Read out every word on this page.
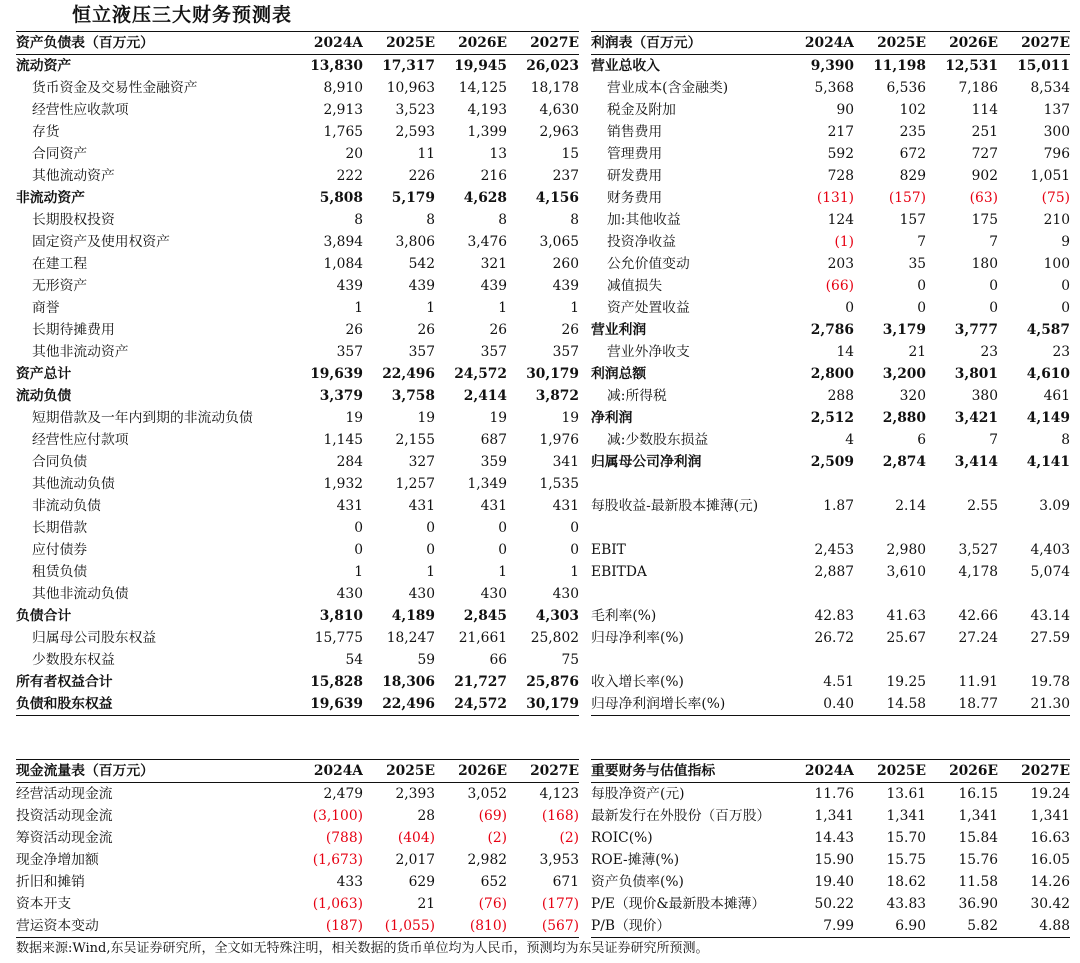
恒立液压三大财务预测表
资产负债表（百万元）	2024A	2025E	2026E	2027E
流动资产	13,830	17,317	19,945	26,023
货币资金及交易性金融资产	8,910	10,963	14,125	18,178
经营性应收款项	2,913	3,523	4,193	4,630
存货	1,765	2,593	1,399	2,963
合同资产	20	11	13	15
其他流动资产	222	226	216	237
非流动资产	5,808	5,179	4,628	4,156
长期股权投资	8	8	8	8
固定资产及使用权资产	3,894	3,806	3,476	3,065
在建工程	1,084	542	321	260
无形资产	439	439	439	439
商誉	1	1	1	1
长期待摊费用	26	26	26	26
其他非流动资产	357	357	357	357
资产总计	19,639	22,496	24,572	30,179
流动负债	3,379	3,758	2,414	3,872
短期借款及一年内到期的非流动负债	19	19	19	19
经营性应付款项	1,145	2,155	687	1,976
合同负债	284	327	359	341
其他流动负债	1,932	1,257	1,349	1,535
非流动负债	431	431	431	431
长期借款	0	0	0	0
应付债券	0	0	0	0
租赁负债	1	1	1	1
其他非流动负债	430	430	430	430
负债合计	3,810	4,189	2,845	4,303
归属母公司股东权益	15,775	18,247	21,661	25,802
少数股东权益	54	59	66	75
所有者权益合计	15,828	18,306	21,727	25,876
负债和股东权益	19,639	22,496	24,572	30,179
利润表（百万元）	2024A	2025E	2026E	2027E
营业总收入	9,390	11,198	12,531	15,011
营业成本(含金融类)	5,368	6,536	7,186	8,534
税金及附加	90	102	114	137
销售费用	217	235	251	300
管理费用	592	672	727	796
研发费用	728	829	902	1,051
财务费用	(131)	(157)	(63)	(75)
加:其他收益	124	157	175	210
投资净收益	(1)	7	7	9
公允价值变动	203	35	180	100
减值损失	(66)	0	0	0
资产处置收益	0	0	0	0
营业利润	2,786	3,179	3,777	4,587
营业外净收支	14	21	23	23
利润总额	2,800	3,200	3,801	4,610
减:所得税	288	320	380	461
净利润	2,512	2,880	3,421	4,149
减:少数股东损益	4	6	7	8
归属母公司净利润	2,509	2,874	3,414	4,141

每股收益-最新股本摊薄(元)	1.87	2.14	2.55	3.09

EBIT	2,453	2,980	3,527	4,403
EBITDA	2,887	3,610	4,178	5,074

毛利率(%)	42.83	41.63	42.66	43.14
归母净利率(%)	26.72	25.67	27.24	27.59

收入增长率(%)	4.51	19.25	11.91	19.78
归母净利润增长率(%)	0.40	14.58	18.77	21.30
现金流量表（百万元）	2024A	2025E	2026E	2027E
经营活动现金流	2,479	2,393	3,052	4,123
投资活动现金流	(3,100)	28	(69)	(168)
筹资活动现金流	(788)	(404)	(2)	(2)
现金净增加额	(1,673)	2,017	2,982	3,953
折旧和摊销	433	629	652	671
资本开支	(1,063)	21	(76)	(177)
营运资本变动	(187)	(1,055)	(810)	(567)
重要财务与估值指标	2024A	2025E	2026E	2027E
每股净资产(元)	11.76	13.61	16.15	19.24
最新发行在外股份（百万股）	1,341	1,341	1,341	1,341
ROIC(%)	14.43	15.70	15.84	16.63
ROE-摊薄(%)	15.90	15.75	15.76	16.05
资产负债率(%)	19.40	18.62	11.58	14.26
P/E（现价&最新股本摊薄）	50.22	43.83	36.90	30.42
P/B（现价）	7.99	6.90	5.82	4.88
数据来源:Wind,东吴证券研究所，全文如无特殊注明，相关数据的货币单位均为人民币，预测均为东吴证券研究所预测。
